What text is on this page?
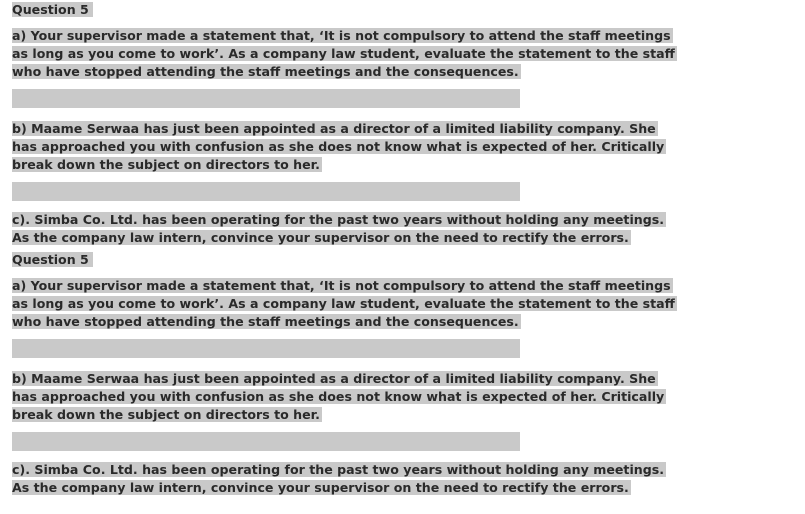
Question 5
a) Your supervisor made a statement that, ‘It is not compulsory to attend the staff meetings as long as you come to work’. As a company law student, evaluate the statement to the staff who have stopped attending the staff meetings and the consequences.
b) Maame Serwaa has just been appointed as a director of a limited liability company. She has approached you with confusion as she does not know what is expected of her. Critically break down the subject on directors to her.
c). Simba Co. Ltd. has been operating for the past two years without holding any meetings. As the company law intern, convince your supervisor on the need to rectify the errors.
Question 5
a) Your supervisor made a statement that, ‘It is not compulsory to attend the staff meetings as long as you come to work’. As a company law student, evaluate the statement to the staff who have stopped attending the staff meetings and the consequences.
b) Maame Serwaa has just been appointed as a director of a limited liability company. She has approached you with confusion as she does not know what is expected of her. Critically break down the subject on directors to her.
c). Simba Co. Ltd. has been operating for the past two years without holding any meetings. As the company law intern, convince your supervisor on the need to rectify the errors.
